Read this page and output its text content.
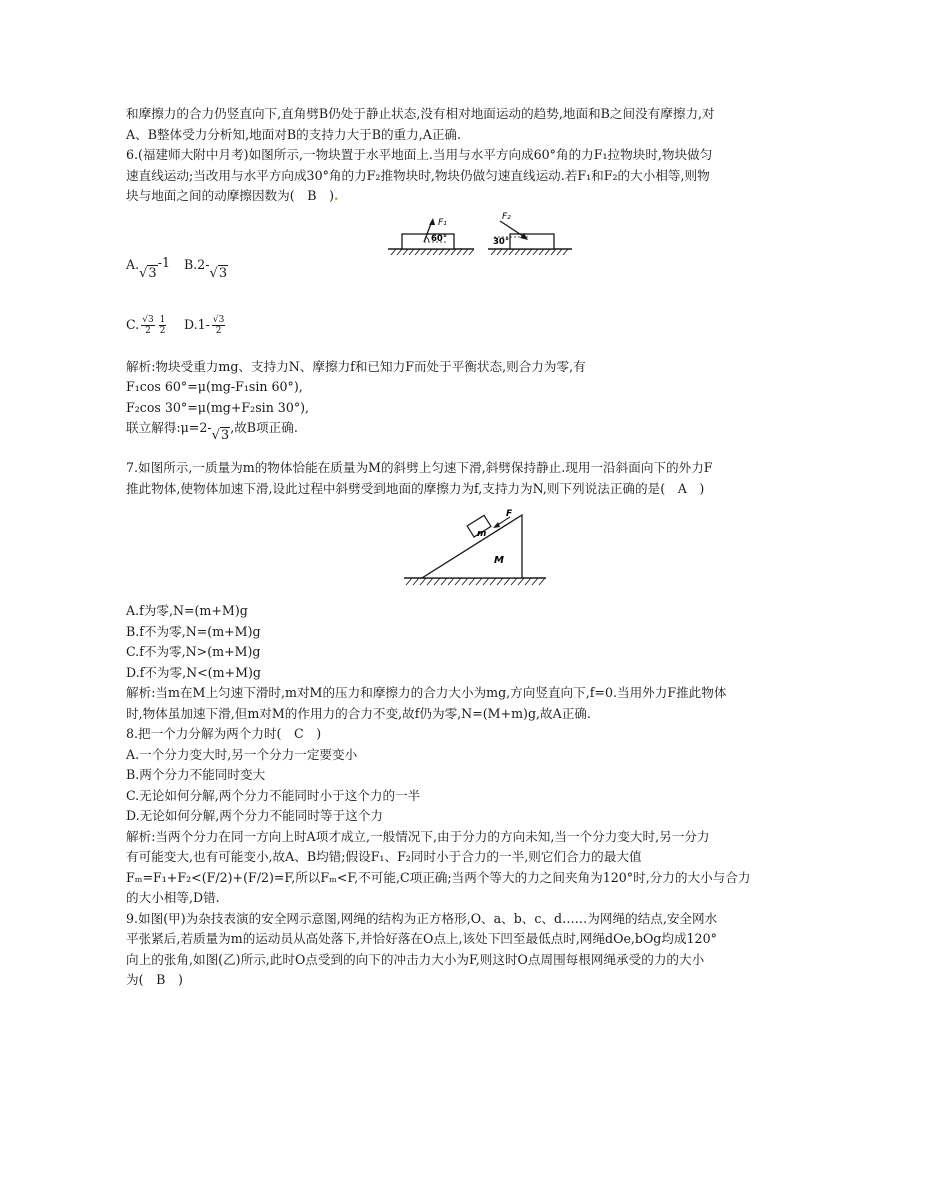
和摩擦力的合力仍竖直向下,直角劈B仍处于静止状态,没有相对地面运动的趋势,地面和B之间没有摩擦力,对
A、B整体受力分析知,地面对B的支持力大于B的重力,A正确.
6.(福建师大附中月考)如图所示,一物块置于水平地面上.当用与水平方向成60°角的力F₁拉物块时,物块做匀
速直线运动;当改用与水平方向成30°角的力F₂推物块时,物块仍做匀速直线运动.若F₁和F₂的大小相等,则物
块与地面之间的动摩擦因数为(　B　).
F₁
60°
F₂
30°
A.√3-1 B.2-√3
C. $\frac{√3}{2} \frac{1}{2} D.1- \frac{√3}{2}$
解析:物块受重力mg、支持力N、摩擦力f和已知力F而处于平衡状态,则合力为零,有
F₁cos 60°=μ(mg-F₁sin 60°),
F₂cos 30°=μ(mg+F₂sin 30°),
联立解得:μ=2-√3,故B项正确.
7.如图所示,一质量为m的物体恰能在质量为M的斜劈上匀速下滑,斜劈保持静止.现用一沿斜面向下的外力F
推此物体,使物体加速下滑,设此过程中斜劈受到地面的摩擦力为f,支持力为N,则下列说法正确的是(　A　)
m
M
F
A.f为零,N=(m+M)g
B.f不为零,N=(m+M)g
C.f不为零,N>(m+M)g
D.f不为零,N<(m+M)g
解析:当m在M上匀速下滑时,m对M的压力和摩擦力的合力大小为mg,方向竖直向下,f=0.当用外力F推此物体
时,物体虽加速下滑,但m对M的作用力的合力不变,故f仍为零,N=(M+m)g,故A正确.
8.把一个力分解为两个力时(　C　)
A.一个分力变大时,另一个分力一定要变小
B.两个分力不能同时变大
C.无论如何分解,两个分力不能同时小于这个力的一半
D.无论如何分解,两个分力不能同时等于这个力
解析:当两个分力在同一方向上时A项才成立,一般情况下,由于分力的方向未知,当一个分力变大时,另一分力
有可能变大,也有可能变小,故A、B均错;假设F₁、F₂同时小于合力的一半,则它们合力的最大值
Fₘ=F₁+F₂<(F/2)+(F/2)=F,所以Fₘ<F,不可能,C项正确;当两个等大的力之间夹角为120°时,分力的大小与合力
的大小相等,D错.
9.如图(甲)为杂技表演的安全网示意图,网绳的结构为正方格形,O、a、b、c、d……为网绳的结点,安全网水
平张紧后,若质量为m的运动员从高处落下,并恰好落在O点上,该处下凹至最低点时,网绳dOe,bOg均成120°
向上的张角,如图(乙)所示,此时O点受到的向下的冲击力大小为F,则这时O点周围每根网绳承受的力的大小
为(　B　)
